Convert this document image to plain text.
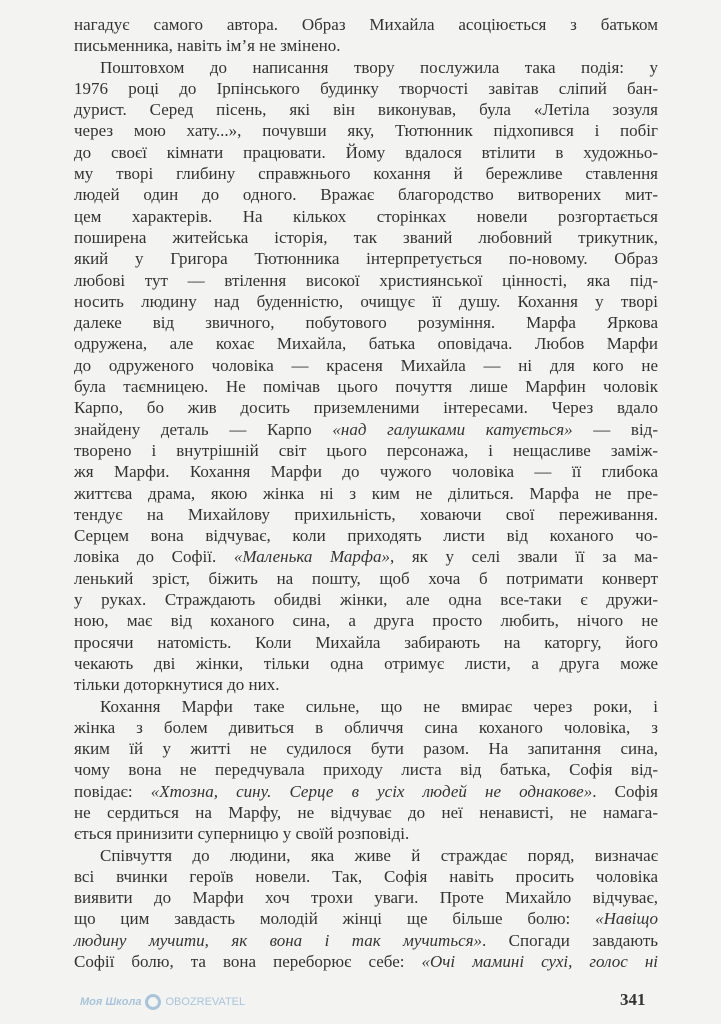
нагадує самого автора. Образ Михайла асоціюється з батьком
письменника, навіть ім’я не змінено.
Поштовхом до написання твору послужила така подія: у
1976 році до Ірпінського будинку творчості завітав сліпий бан-
дурист. Серед пісень, які він виконував, була «Летіла зозуля
через мою хату...», почувши яку, Тютюнник підхопився і побіг
до своєї кімнати працювати. Йому вдалося втілити в художньо-
му творі глибину справжнього кохання й бережливе ставлення
людей один до одного. Вражає благородство витворених мит-
цем характерів. На кількох сторінках новели розгортається
поширена житейська історія, так званий любовний трикутник,
який у Григора Тютюнника інтерпретується по-новому. Образ
любові тут — втілення високої християнської цінності, яка під-
носить людину над буденністю, очищує її душу. Кохання у творі
далеке від звичного, побутового розуміння. Марфа Яркова
одружена, але кохає Михайла, батька оповідача. Любов Марфи
до одруженого чоловіка — красеня Михайла — ні для кого не
була таємницею. Не помічав цього почуття лише Марфин чоловік
Карпо, бо жив досить приземленими інтересами. Через вдало
знайдену деталь — Карпо «над галушками катується» — від-
творено і внутрішній світ цього персонажа, і нещасливе заміж-
жя Марфи. Кохання Марфи до чужого чоловіка — її глибока
життєва драма, якою жінка ні з ким не ділиться. Марфа не пре-
тендує на Михайлову прихильність, ховаючи свої переживання.
Серцем вона відчуває, коли приходять листи від коханого чо-
ловіка до Софії. «Маленька Марфа», як у селі звали її за ма-
ленький зріст, біжить на пошту, щоб хоча б потримати конверт
у руках. Страждають обидві жінки, але одна все-таки є дружи-
ною, має від коханого сина, а друга просто любить, нічого не
просячи натомість. Коли Михайла забирають на каторгу, його
чекають дві жінки, тільки одна отримує листи, а друга може
тільки доторкнутися до них.
Кохання Марфи таке сильне, що не вмирає через роки, і
жінка з болем дивиться в обличчя сина коханого чоловіка, з
яким їй у житті не судилося бути разом. На запитання сина,
чому вона не передчувала приходу листа від батька, Софія від-
повідає: «Хтозна, сину. Серце в усіх людей не однакове». Софія
не сердиться на Марфу, не відчуває до неї ненависті, не намага-
ється принизити суперницю у своїй розповіді.
Співчуття до людини, яка живе й страждає поряд, визначає
всі вчинки героїв новели. Так, Софія навіть просить чоловіка
виявити до Марфи хоч трохи уваги. Проте Михайло відчуває,
що цим завдасть молодій жінці ще більше болю: «Навіщо
людину мучити, як вона і так мучиться». Спогади завдають
Софії болю, та вона переборює себе: «Очі мамині сухі, голос ні
Моя Школа OBOZREVATEL	341
